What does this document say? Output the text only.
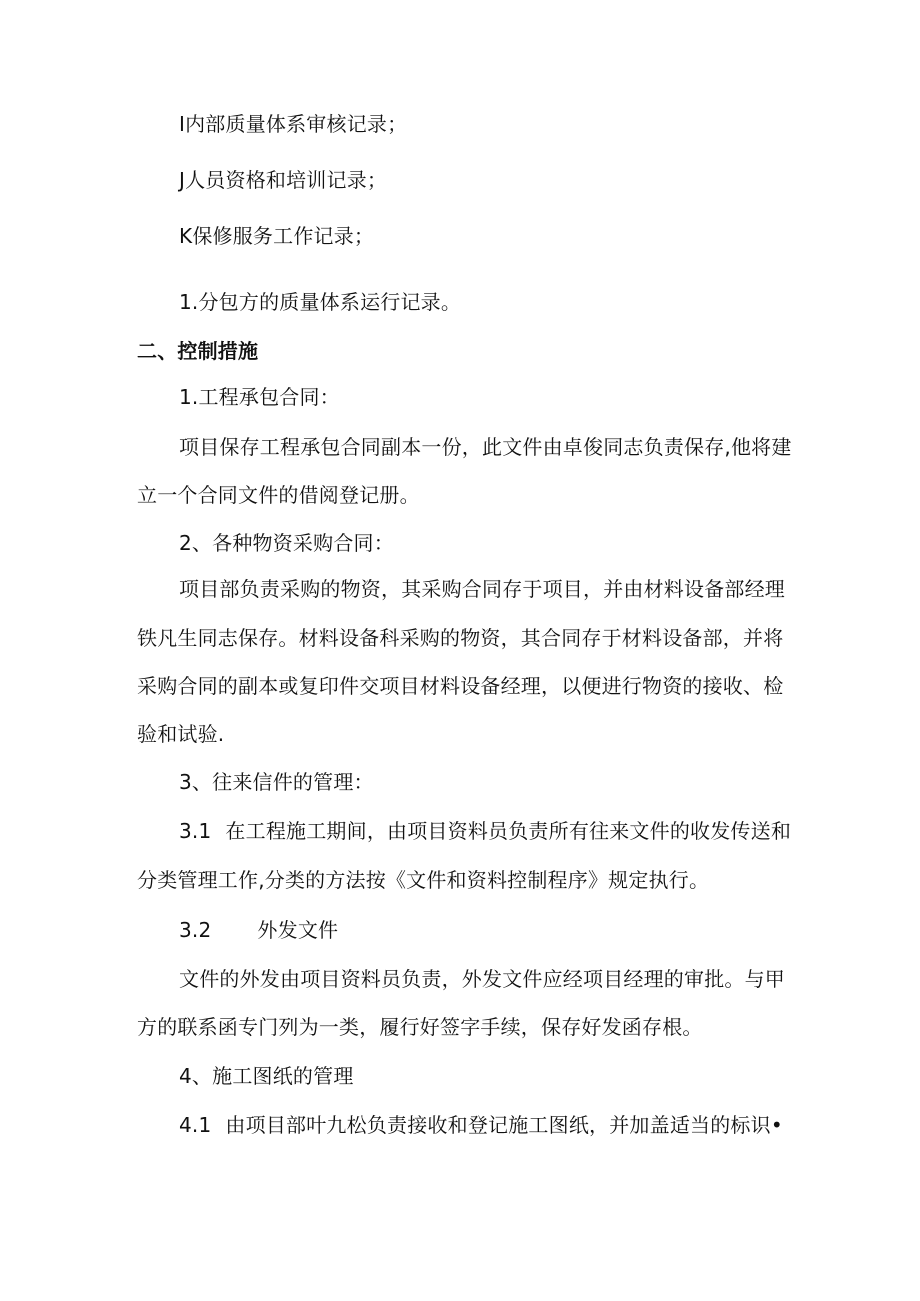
I内部质量体系审核记录；

J人员资格和培训记录；

K保修服务工作记录；

1.分包方的质量体系运行记录。

二、控制措施

1.工程承包合同：

项目保存工程承包合同副本一份，此文件由卓俊同志负责保存,他将建

立一个合同文件的借阅登记册。

2、各种物资采购合同：

项目部负责采购的物资，其采购合同存于项目，并由材料设备部经理

铁凡生同志保存。材料设备科采购的物资，其合同存于材料设备部，并将

采购合同的副本或复印件交项目材料设备经理，以便进行物资的接收、检

验和试验.

3、往来信件的管理：

3.1 在工程施工期间，由项目资料员负责所有往来文件的收发传送和

分类管理工作,分类的方法按《文件和资料控制程序》规定执行。

3.2 外发文件

文件的外发由项目资料员负责，外发文件应经项目经理的审批。与甲

方的联系函专门列为一类，履行好签字手续，保存好发函存根。

4、施工图纸的管理

4.1 由项目部叶九松负责接收和登记施工图纸，并加盖适当的标识•
